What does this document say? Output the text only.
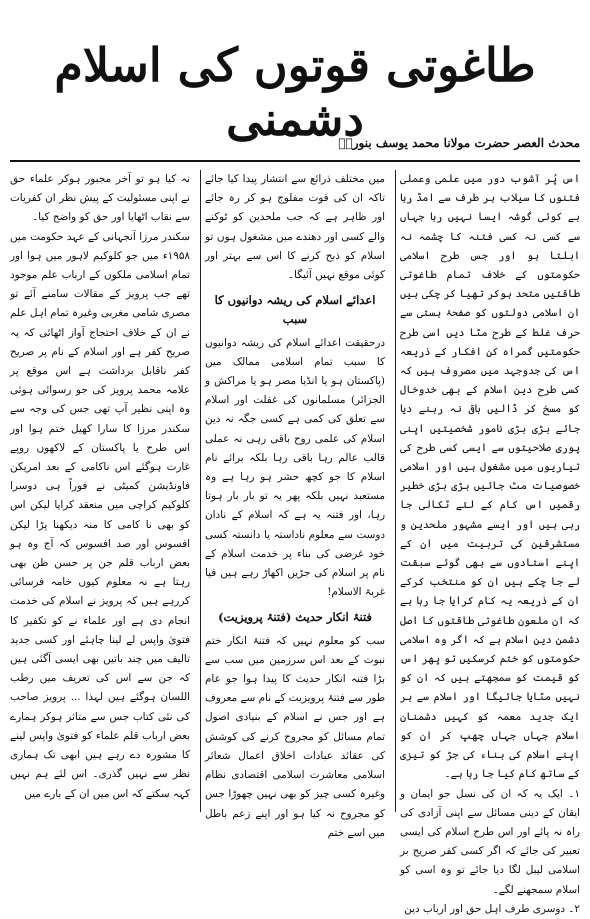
طاغوتی قوتوں کی اسلام دشمنی
محدث العصر حضرت مولانا محمد یوسف بنوریؒ

اس پُر آشوب دور میں علمی وعملی فتنوں کا سیلاب ہر طرف سے امڈ رہا ہے کوئی گوشہ ایسا نہیں رہا جہاں سے کسی نہ کسی فتنہ کا چشمہ نہ ابلتا ہو اور جس طرح اسلامی حکومتوں کے خلاف تمام طاغوتی طاقتیں متحد ہوکر تھیا کر چکی ہیں ان اسلامی دولتوں کو صفحۂ ہستی سے حرف غلط کے طرح مٹا دیں اسی طرح حکومتیں گمراہ کن افکار کے ذریعہ اس کی جدوجہد میں مصروف ہیں کہ کسی طرح دین اسلام کے بھی خدوخال کو مسخ کر ڈالیں باقی نہ رہنے دیا جائے بڑی بڑی نامور شخصیتیں اپنی پوری صلاحیتوں سے ایسی کسی طرح کی تیاریوں میں مشغول ہیں اور اسلامی خصوصیات مٹ جائیں بڑی بڑی خطیر رقمیں اس کام کے لئے ٹکالی جا رہی ہیں اور ایسے مشہور ملحدین و مستشرقین کی تربیت میں ان کے اپنے استادوں سے بھی گوئے سبقت لے جا چکے ہیں ان کو منتخب کرکے ان کے ذریعہ یہ کام کرایا جا رہا ہے کہ ان ملعون طاغوتی طاقتوں کا اصل دشمن دین اسلام ہے کہ اگر وہ اسلامی حکومتوں کو ختم کرسکیں تو پھر اس کو قیمت کو سمجھتے ہیں کہ ان کو نہیں مٹایا جائیگا اور اسلام سے ہر ایک جدید معمہ کو کہیں دشمنان اسلام جہاں جہاں چھپ کر ان کو اپنے اسلام کی بناء کی جڑ کو تیزی کے ساتھ کام کیا جا رہا ہے۔

۱۔ ایک یہ کہ ان کی نسل جو ایمان و ایقان کے دینی مسائل سے اپنی آزادی کی راہ نہ پائے اور اس طرح اسلام کی ایسی تعبیر کی جائے کہ اگر کسی کفر صریح بر اسلامی لیبل لگا دیا جائے تو وہ اسی کو اسلام سمجھنے لگے۔

۲۔ دوسری طرف اہل حق اور ارباب دین

میں مختلف ذرائع سے انتشار پیدا کیا جائے تاکہ ان کی قوت مفلوج ہو کر رہ جائے اور ظاہر ہے کہ جب ملحدین کو ٹوکنے والے کسی اور دھندے میں مشغول ہوں تو اسلام کو ذبح کرنے کا اس سے بہتر اور کوئی موقع نہیں آئیگا۔

اعدائے اسلام کی ریشہ دوانیوں کا سبب

درحقیقت اعدائے اسلام کی ریشہ دوانیوں کا سبب تمام اسلامی ممالک میں (پاکستان ہو یا انڈیا مصر ہو یا مراکش و الجزائر) مسلمانوں کی غفلت اور اسلام سے تعلق کی کمی ہے کسی جگہ نہ دین اسلام کی علمی روح باقی رہی نہ عملی قالب عالم رہا باقی رہا بلکہ برائے نام اسلام کا جو کچھ حشر ہو رہا ہے وہ مستعبد نہیں بلکہ پھر یہ تو بار بار ہوتا رہا، اور فتنہ یہ ہے کہ اسلام کے نادان دوست سے معلوم ناداستہ یا دانستہ کسی خود غرضی کی بناء پر خدمت اسلام کے نام پر اسلام کی جڑیں اکھاڑ رہے ہیں فیا غربۃ الاسلام!

فتنۂ انکار حدیث (فتنۂ پرویزیت)

سب کو معلوم نہیں کہ فتنۂ انکار ختم نبوت کے بعد اس سرزمین میں سب سے بڑا فتنہ انکار حدیث کا پیدا ہوا جو عام طور سے فتنۂ پرویزیت کے نام سے معروف ہے اور جس نے اسلام کے بنیادی اصول تمام مسائل کو مجروح کرنے کی کوشش کی عقائد عبادات اخلاق اعمال شعائر اسلامی معاشرت اسلامی اقتصادی نظام وغیرہ کسی چیز کو بھی نہیں چھوڑا جس کو مجروح نہ کیا ہو اور اپنے زعم باطل میں اسے ختم

نہ کیا ہو تو آخر مجبور ہوکر علماء حق نے اپنی مسئولیت کے پیش نظر ان کفریات سے نقاب اٹھایا اور حق کو واضح کیا۔

سکندر مرزا آنجہانی کے عہد حکومت میں ۱۹۵۸ء میں جو کلوکیم لاہور میں ہوا اور تمام اسلامی ملکوں کے ارباب علم موجود تھے جب پرویز کے مقالات سامنے آئے تو مصری شامی مغربی وغیرہ تمام اہل علم نے ان کے خلاف احتجاج آواز اٹھائی کہ یہ صریح کفر ہے اور اسلام کے نام پر صریح کفر ناقابل برداشت ہے اس موقع پر علامہ محمد پرویز کی جو رسوائی ہوئی وہ اپنی نظیر آپ تھی جس کی وجہ سے سکندر مرزا کا سارا کھیل ختم ہوا اور اس طرح یا پاکستان کے لاکھوں روپے غارت ہوگئے اس ناکامی کے بعد امریکن فاونڈیشن کمیٹی نے فوراً ہی دوسرا کلوکیم کراچی میں منعقد کرایا لیکن اس کو بھی نا کامی کا منہ دیکھنا پڑا لیکن افسوس اور صد افسوس کہ آج وہ ہو بعض ارباب قلم جن پر حسن ظن بھی رہتا ہے نہ معلوم کیوں خامہ فرسائی کررہے ہیں کہ پرویز نے اسلام کی خدمت انجام دی ہے اور علماء نے کو تکفیر کا فتویٰ واپس لے لینا چاہئے اور کسی جدید تالیف میں چند باتیں بھی ایسی آگئی ہیں کہ جن سے اس کی تعریف میں رطب اللسان ہوگئے ہیں لہذا ... پرویز صاحب کی نئی کتاب جس سے متاثر ہوکر ہمارے بعض ارباب قلم علماء کو فتویٰ واپس لینے کا مشورہ دے رہے ہیں ابھی تک ہماری نظر سے نہیں گذری۔ اس لئے ہم نہیں کہہ سکتے کہ اس میں ان کے بارے میں
